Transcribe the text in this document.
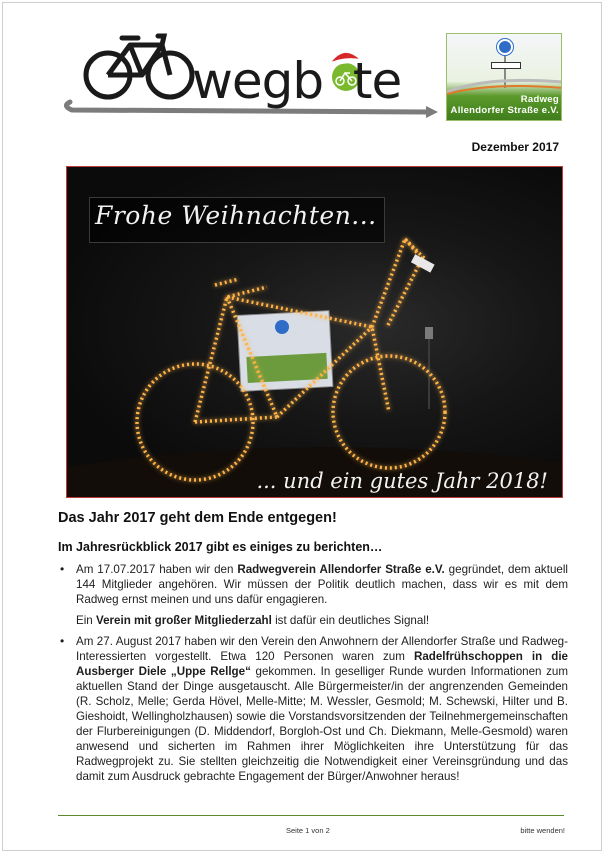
wegb  te	Radweg
Allendorfer Straße e.V.
Dezember 2017
Frohe Weihnachten...
... und ein gutes Jahr 2018!
Das Jahr 2017 geht dem Ende entgegen!
Im Jahresrückblick 2017 gibt es einiges zu berichten…
• Am 17.07.2017 haben wir den Radwegverein Allendorfer Straße e.V. gegründet, dem aktuell 144 Mitglieder angehören. Wir müssen der Politik deutlich machen, dass wir es mit dem Radweg ernst meinen und uns dafür engagieren.

Ein Verein mit großer Mitgliederzahl ist dafür ein deutliches Signal!

• Am 27. August 2017 haben wir den Verein den Anwohnern der Allendorfer Straße und Radweg-Interessierten vorgestellt. Etwa 120 Personen waren zum Radelfrühschoppen in die Ausberger Diele „Uppe Rellge“ gekommen. In geselliger Runde wurden Informationen zum aktuellen Stand der Dinge ausgetauscht. Alle Bürgermeister/in der angrenzenden Gemeinden (R. Scholz, Melle; Gerda Hövel, Melle-Mitte; M. Wessler, Gesmold; M. Schewski, Hilter und B. Gieshoidt, Wellingholzhausen) sowie die Vorstandsvorsitzenden der Teilnehmergemeinschaften der Flurbereinigungen (D. Middendorf, Borgloh-Ost und Ch. Diekmann, Melle-Gesmold) waren anwesend und sicherten im Rahmen ihrer Möglichkeiten ihre Unterstützung für das Radwegprojekt zu. Sie stellten gleichzeitig die Notwendigkeit einer Vereinsgründung und das damit zum Ausdruck gebrachte Engagement der Bürger/Anwohner heraus!

Seite 1 von 2	bitte wenden!
